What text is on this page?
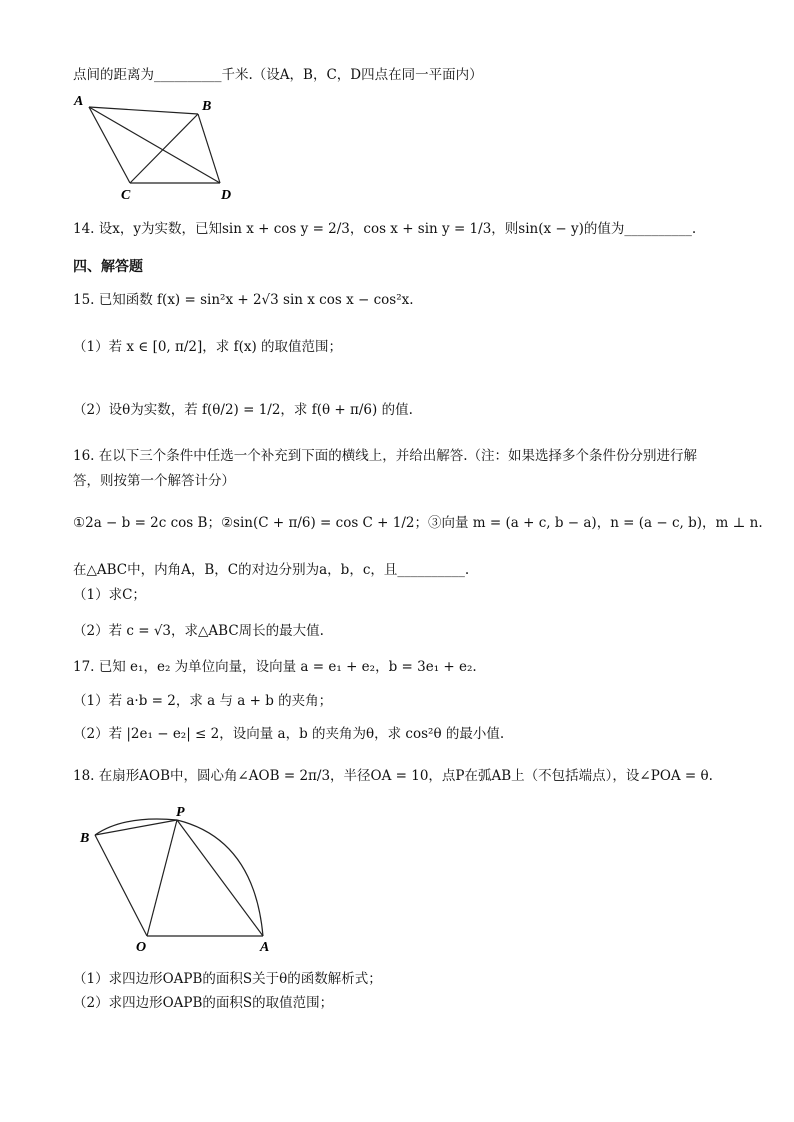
点间的距离为__________千米.（设A，B，C，D四点在同一平面内）
A	B
C	D
14. 设x，y为实数，已知sin x + cos y = 2/3，cos x + sin y = 1/3，则sin(x − y)的值为__________.
四、解答题
15. 已知函数 f(x) = sin²x + 2√3 sin x cos x − cos²x.
（1）若 x ∈ [0, π/2]，求 f(x) 的取值范围；
（2）设θ为实数，若 f(θ/2) = 1/2，求 f(θ + π/6) 的值.
16. 在以下三个条件中任选一个补充到下面的横线上，并给出解答.（注：如果选择多个条件份分别进行解
答，则按第一个解答计分）
①2a − b = 2c cos B；②sin(C + π/6) = cos C + 1/2；③向量 m = (a + c, b − a)，n = (a − c, b)，m ⊥ n.
在△ABC中，内角A，B，C的对边分别为a，b，c，且__________.
（1）求C；
（2）若 c = √3，求△ABC周长的最大值.
17. 已知 e₁，e₂ 为单位向量，设向量 a = e₁ + e₂，b = 3e₁ + e₂.
（1）若 a·b = 2，求 a 与 a + b 的夹角；
（2）若 |2e₁ − e₂| ≤ 2，设向量 a，b 的夹角为θ，求 cos²θ 的最小值.
18. 在扇形AOB中，圆心角∠AOB = 2π/3，半径OA = 10，点P在弧AB上（不包括端点），设∠POA = θ.
B
P
O	A
（1）求四边形OAPB的面积S关于θ的函数解析式；
（2）求四边形OAPB的面积S的取值范围；
